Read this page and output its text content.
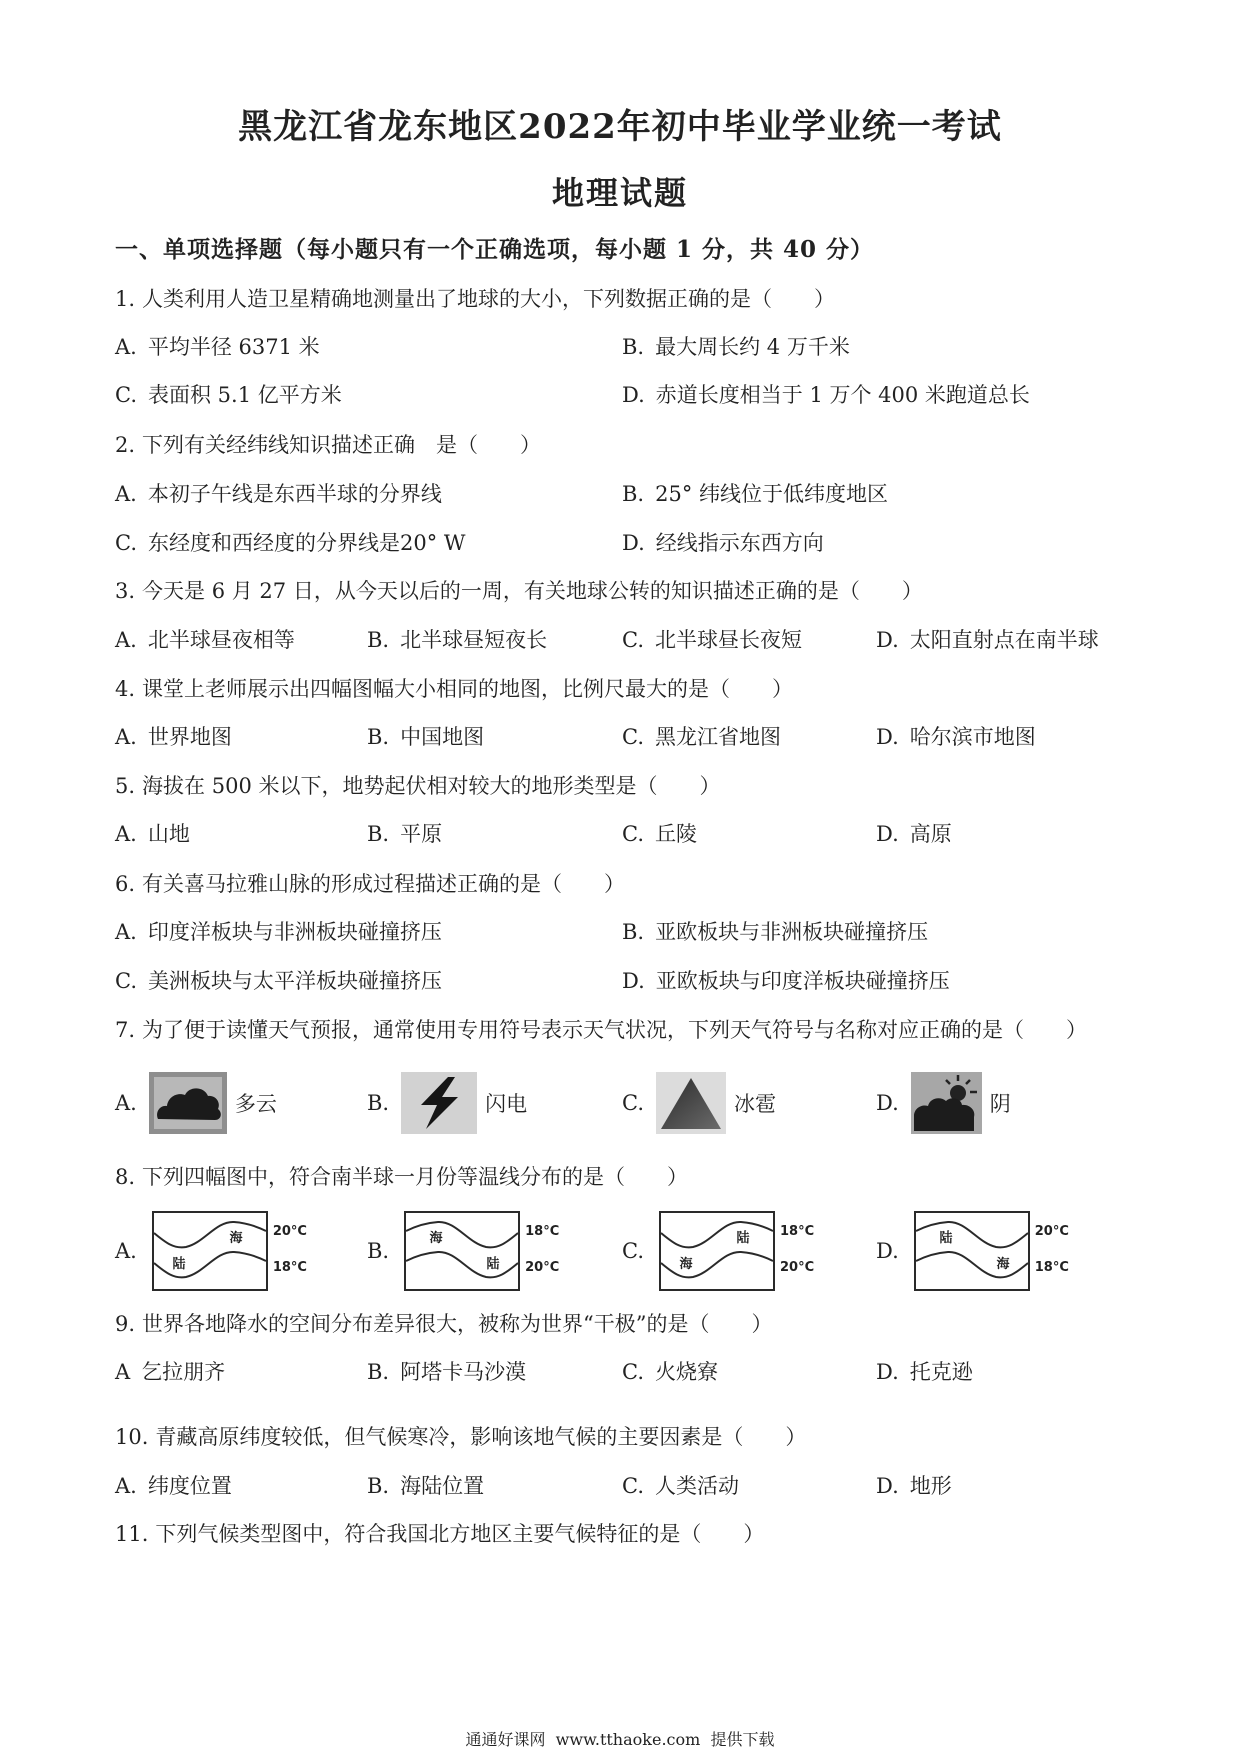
黑龙江省龙东地区2022年初中毕业学业统一考试
地理试题
一、单项选择题（每小题只有一个正确选项，每小题 1 分，共 40 分）
1. 人类利用人造卫星精确地测量出了地球的大小，下列数据正确的是（　　）
A. 平均半径 6371 米	B. 最大周长约 4 万千米
C. 表面积 5.1 亿平方米	D. 赤道长度相当于 1 万个 400 米跑道总长
2. 下列有关经纬线知识描述正确　是（　　）
A. 本初子午线是东西半球的分界线	B. 25° 纬线位于低纬度地区
C. 东经度和西经度的分界线是20° W	D. 经线指示东西方向
3. 今天是 6 月 27 日，从今天以后的一周，有关地球公转的知识描述正确的是（　　）
A. 北半球昼夜相等	B. 北半球昼短夜长	C. 北半球昼长夜短	D. 太阳直射点在南半球
4. 课堂上老师展示出四幅图幅大小相同的地图，比例尺最大的是（　　）
A. 世界地图	B. 中国地图	C. 黑龙江省地图	D. 哈尔滨市地图
5. 海拔在 500 米以下，地势起伏相对较大的地形类型是（　　）
A. 山地	B. 平原	C. 丘陵	D. 高原
6. 有关喜马拉雅山脉的形成过程描述正确的是（　　）
A. 印度洋板块与非洲板块碰撞挤压	B. 亚欧板块与非洲板块碰撞挤压
C. 美洲板块与太平洋板块碰撞挤压	D. 亚欧板块与印度洋板块碰撞挤压
7. 为了便于读懂天气预报，通常使用专用符号表示天气状况，下列天气符号与名称对应正确的是（　　）
A.	多云	B.	闪电	C.	冰雹	D.	阴
8. 下列四幅图中，符合南半球一月份等温线分布的是（　　）
A.
海
陆
20°C
18°C
B.
海
陆
18°C
20°C
C.
陆
海
18°C
20°C
D.
陆
海
20°C
18°C
9. 世界各地降水的空间分布差异很大，被称为世界“干极”的是（　　）
A 乞拉朋齐	B. 阿塔卡马沙漠	C. 火烧寮	D. 托克逊
10. 青藏高原纬度较低，但气候寒冷，影响该地气候的主要因素是（　　）
A. 纬度位置	B. 海陆位置	C. 人类活动	D. 地形
11. 下列气候类型图中，符合我国北方地区主要气候特征的是（　　）
通通好课网  www.tthaoke.com  提供下载
